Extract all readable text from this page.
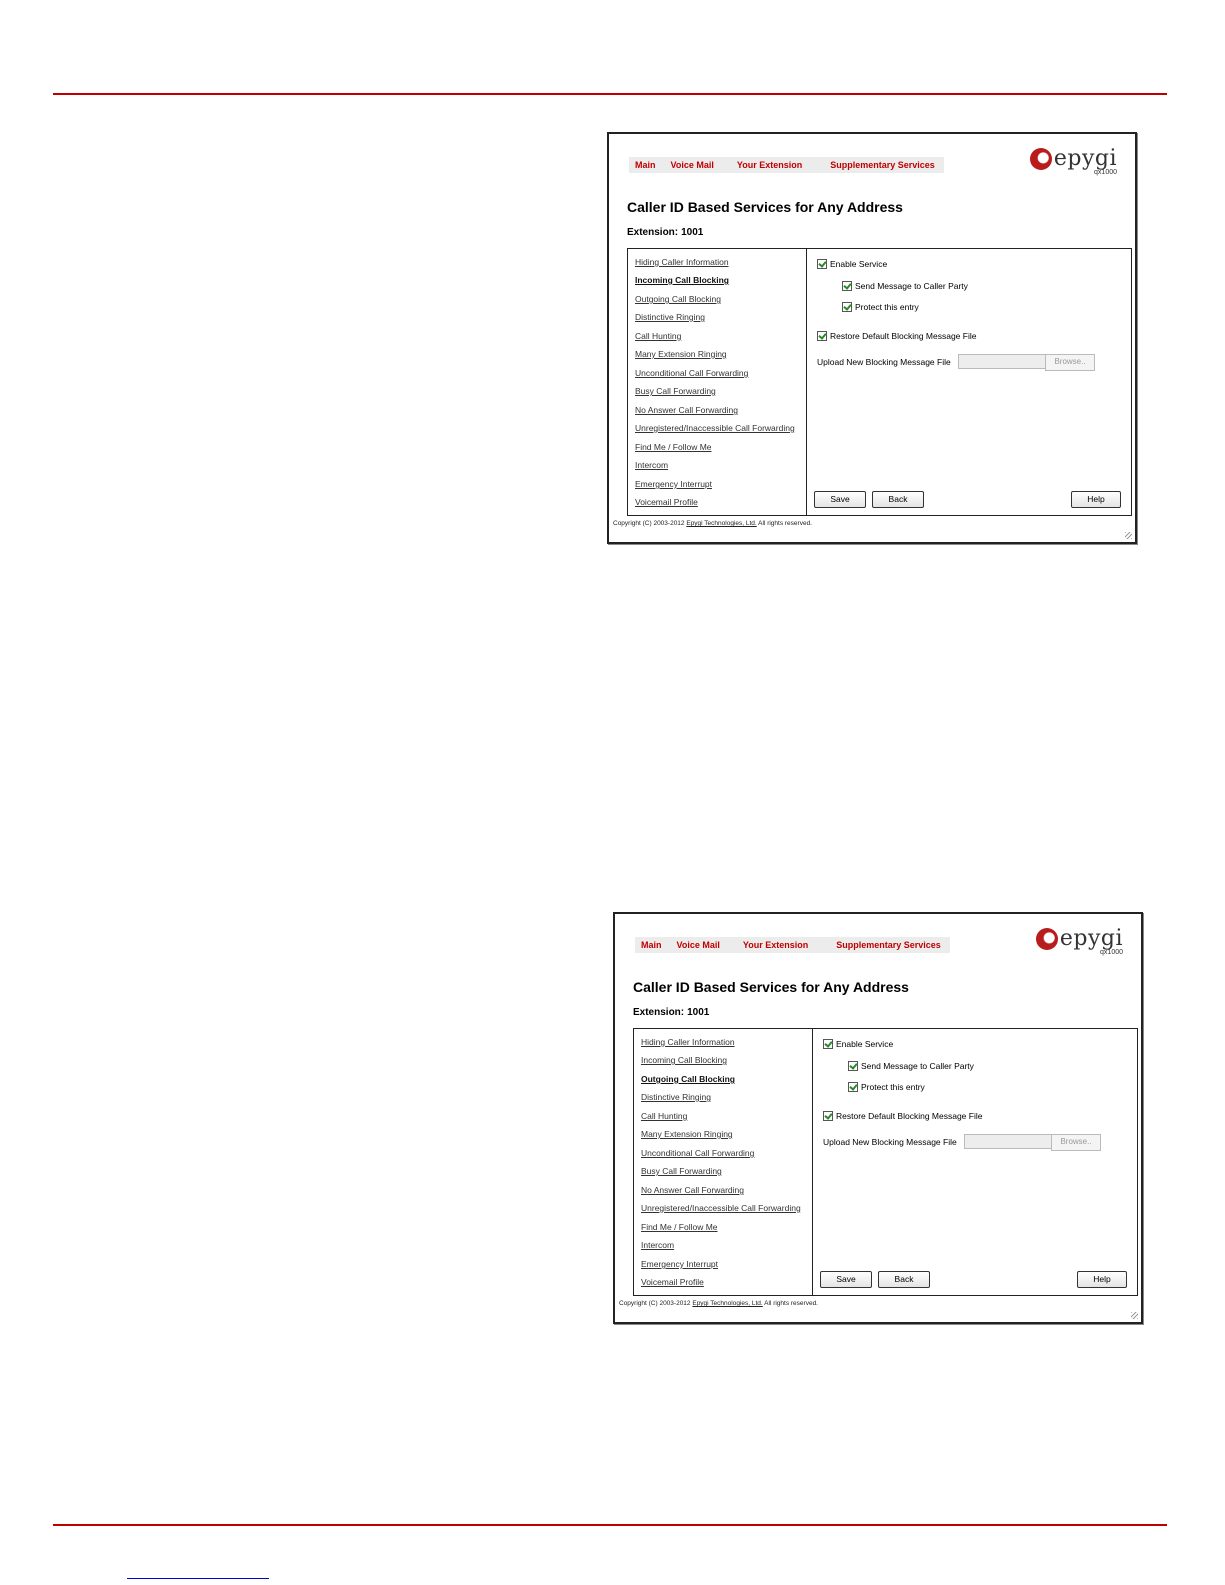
Main Voice Mail	Your Extension	Supplementary Services	epygi
qx1000
Caller ID Based Services for Any Address
Extension: 1001
Hiding Caller Information
Incoming Call Blocking
Outgoing Call Blocking
Distinctive Ringing
Call Hunting
Many Extension Ringing
Unconditional Call Forwarding
Busy Call Forwarding
No Answer Call Forwarding
Unregistered/Inaccessible Call Forwarding
Find Me / Follow Me
Intercom
Emergency Interrupt
Voicemail Profile
Enable Service
Send Message to Caller Party
Protect this entry
Restore Default Blocking Message File
Upload New Blocking Message File	Browse..
Save	Back	Help
Copyright (C) 2003-2012 Epygi Technologies, Ltd. All rights reserved.
Main Voice Mail	Your Extension	Supplementary Services	epygi
qx1000
Caller ID Based Services for Any Address
Extension: 1001
Hiding Caller Information
Incoming Call Blocking
Outgoing Call Blocking
Distinctive Ringing
Call Hunting
Many Extension Ringing
Unconditional Call Forwarding
Busy Call Forwarding
No Answer Call Forwarding
Unregistered/Inaccessible Call Forwarding
Find Me / Follow Me
Intercom
Emergency Interrupt
Voicemail Profile
Enable Service
Send Message to Caller Party
Protect this entry
Restore Default Blocking Message File
Upload New Blocking Message File	Browse..
Save	Back	Help
Copyright (C) 2003-2012 Epygi Technologies, Ltd. All rights reserved.
